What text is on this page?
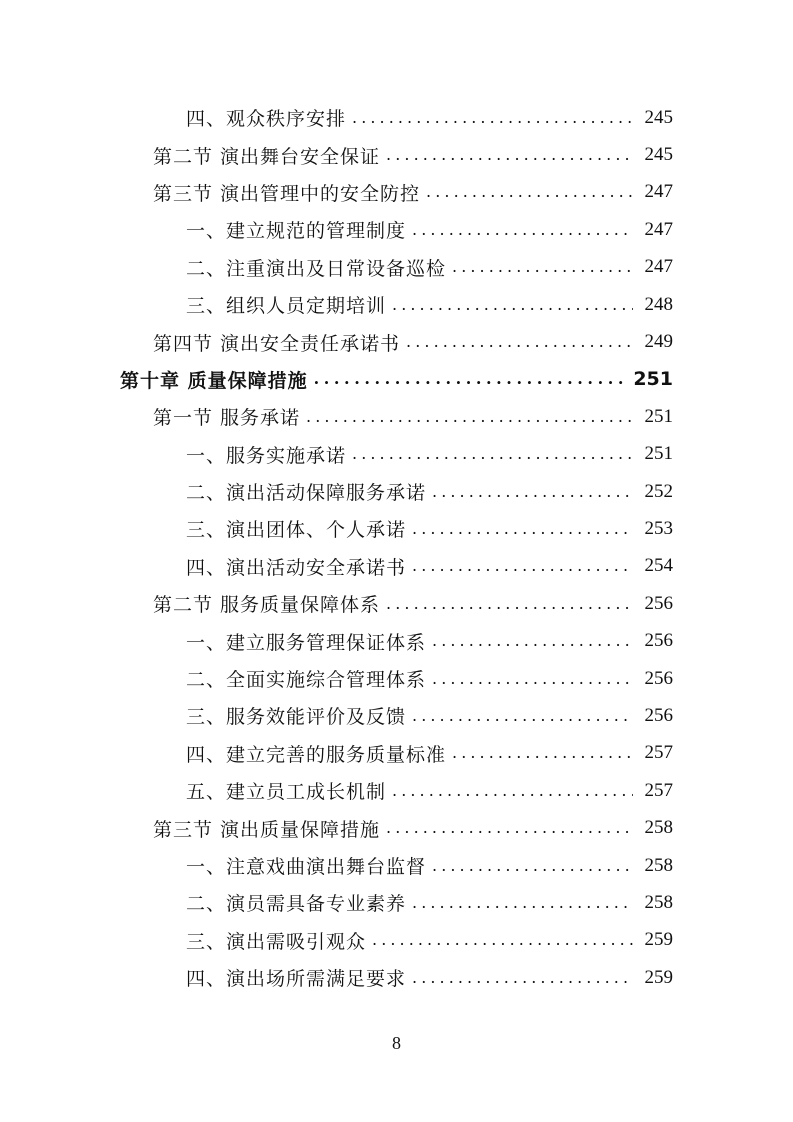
四、观众秩序安排 . . .	245
第二节 演出舞台安全保证 . . .	245
第三节 演出管理中的安全防控 . . .	247
一、建立规范的管理制度 . . .	247
二、注重演出及日常设备巡检 . . .	247
三、组织人员定期培训 . . .	248
第四节 演出安全责任承诺书 . . .	249
第十章 质量保障措施 . . .	251
第一节 服务承诺 . . .	251
一、服务实施承诺 . . .	251
二、演出活动保障服务承诺 . . .	252
三、演出团体、个人承诺 . . .	253
四、演出活动安全承诺书 . . .	254
第二节 服务质量保障体系 . . .	256
一、建立服务管理保证体系 . . .	256
二、全面实施综合管理体系 . . .	256
三、服务效能评价及反馈 . . .	256
四、建立完善的服务质量标准 . . .	257
五、建立员工成长机制 . . .	257
第三节 演出质量保障措施 . . .	258
一、注意戏曲演出舞台监督 . . .	258
二、演员需具备专业素养 . . .	258
三、演出需吸引观众 . . .	259
四、演出场所需满足要求 . . .	259
8
